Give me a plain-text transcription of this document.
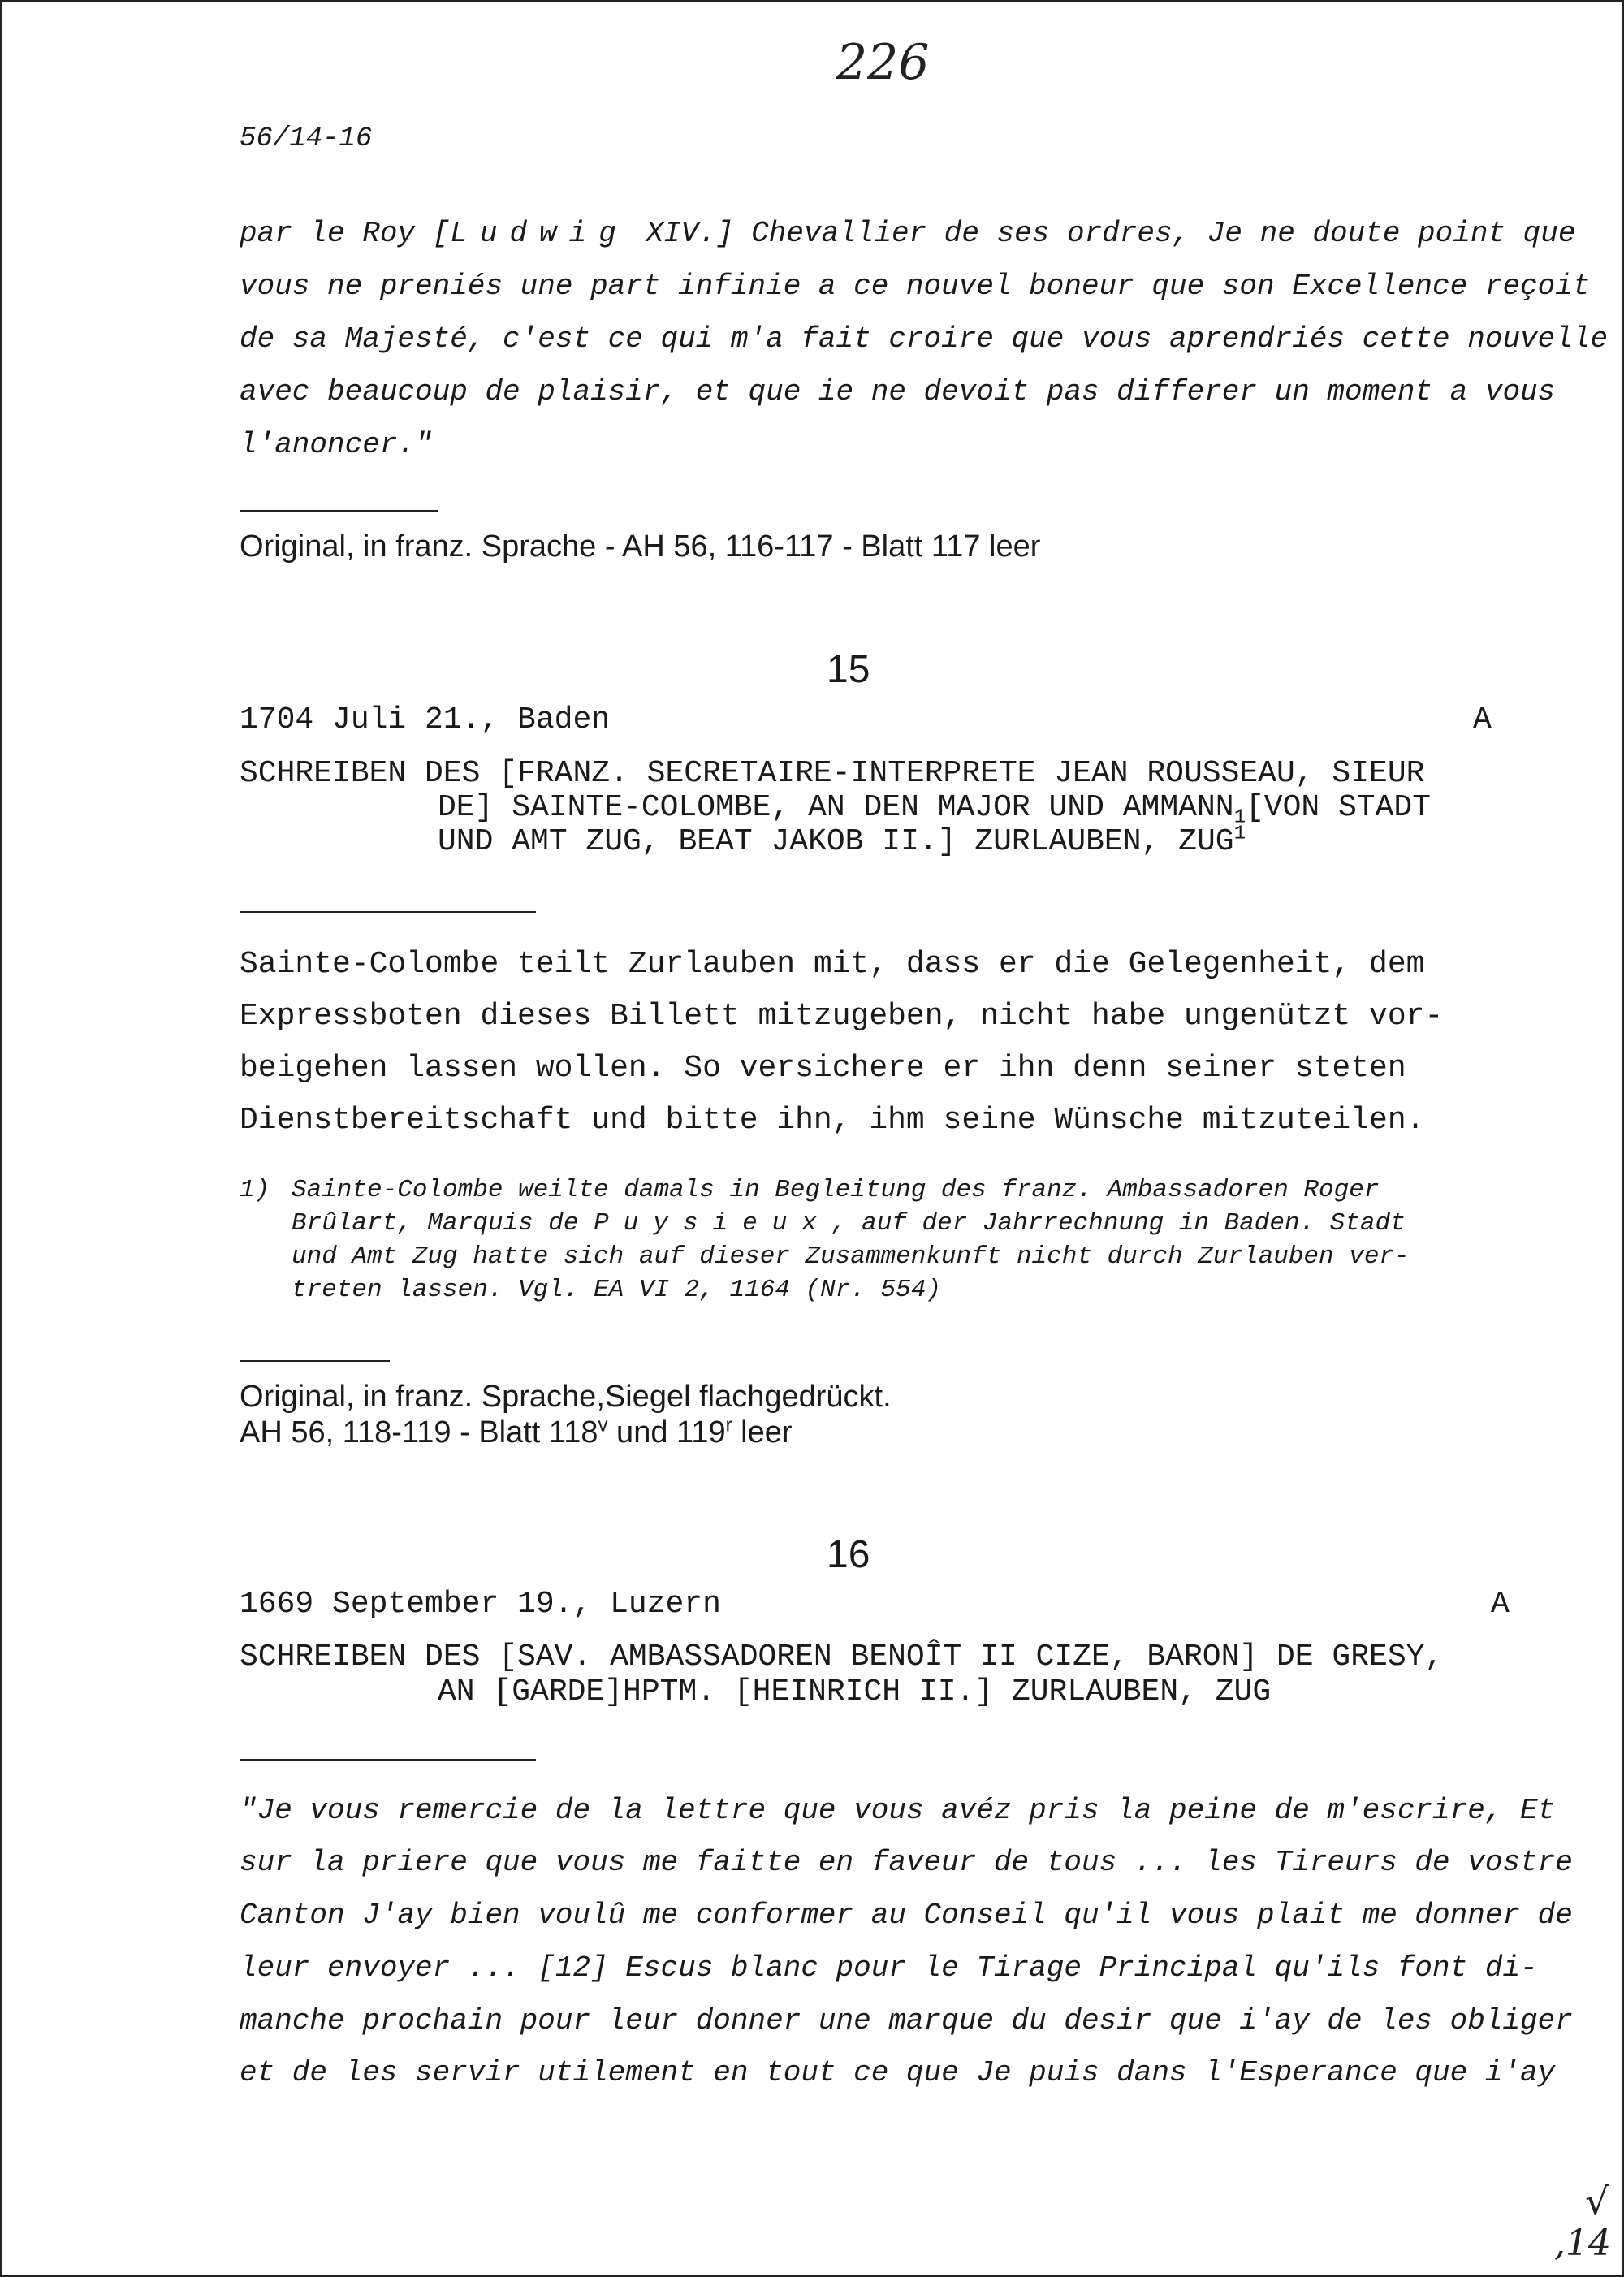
226
56/14-16
par le Roy [Ludwig XIV.] Chevallier de ses ordres, Je ne doute point que
vous ne preniés une part infinie a ce nouvel boneur que son Excellence reçoit
de sa Majesté, c'est ce qui m'a fait croire que vous aprendriés cette nouvelle
avec beaucoup de plaisir, et que ie ne devoit pas differer un moment a vous
l'anoncer."
Original, in franz. Sprache - AH 56, 116-117 - Blatt 117 leer
15
1704 Juli 21., Baden	A
SCHREIBEN DES [FRANZ. SECRETAIRE-INTERPRETE JEAN ROUSSEAU, SIEUR
DE] SAINTE-COLOMBE, AN DEN MAJOR UND $AMMANN_1[VON$ STADT
UND AMT ZUG, BEAT JAKOB II.] ZURLAUBEN, ZUG$^1$
Sainte-Colombe teilt Zurlauben mit, dass er die Gelegenheit, dem
Expressboten dieses Billett mitzugeben, nicht habe ungenützt vor-
beigehen lassen wollen. So versichere er ihn denn seiner steten
Dienstbereitschaft und bitte ihn, ihm seine Wünsche mitzuteilen.
1) Sainte-Colombe weilte damals in Begleitung des franz. Ambassadoren Roger
Brûlart, Marquis de Puysieux, auf der Jahrrechnung in Baden. Stadt
und Amt Zug hatte sich auf dieser Zusammenkunft nicht durch Zurlauben ver-
treten lassen. Vgl. EA VI 2, 1164 (Nr. 554)
Original, in franz. Sprache,Siegel flachgedrückt.
AH 56, 118-119 - Blatt 118$^v$ und 119$^r$ leer
16
1669 September 19., Luzern	A
SCHREIBEN DES [SAV. AMBASSADOREN BENOÎT II CIZE, BARON] DE GRESY,
AN [GARDE]HPTM. [HEINRICH II.] ZURLAUBEN, ZUG
"Je vous remercie de la lettre que vous avéz pris la peine de m'escrire, Et
sur la priere que vous me faitte en faveur de tous ... les Tireurs de vostre
Canton J'ay bien voulû me conformer au Conseil qu'il vous plait me donner de
leur envoyer ... [12] Escus blanc pour le Tirage Principal qu'ils font di-
manche prochain pour leur donner une marque du desir que i'ay de les obliger
et de les servir utilement en tout ce que Je puis dans l'Esperance que i'ay
√
,14
